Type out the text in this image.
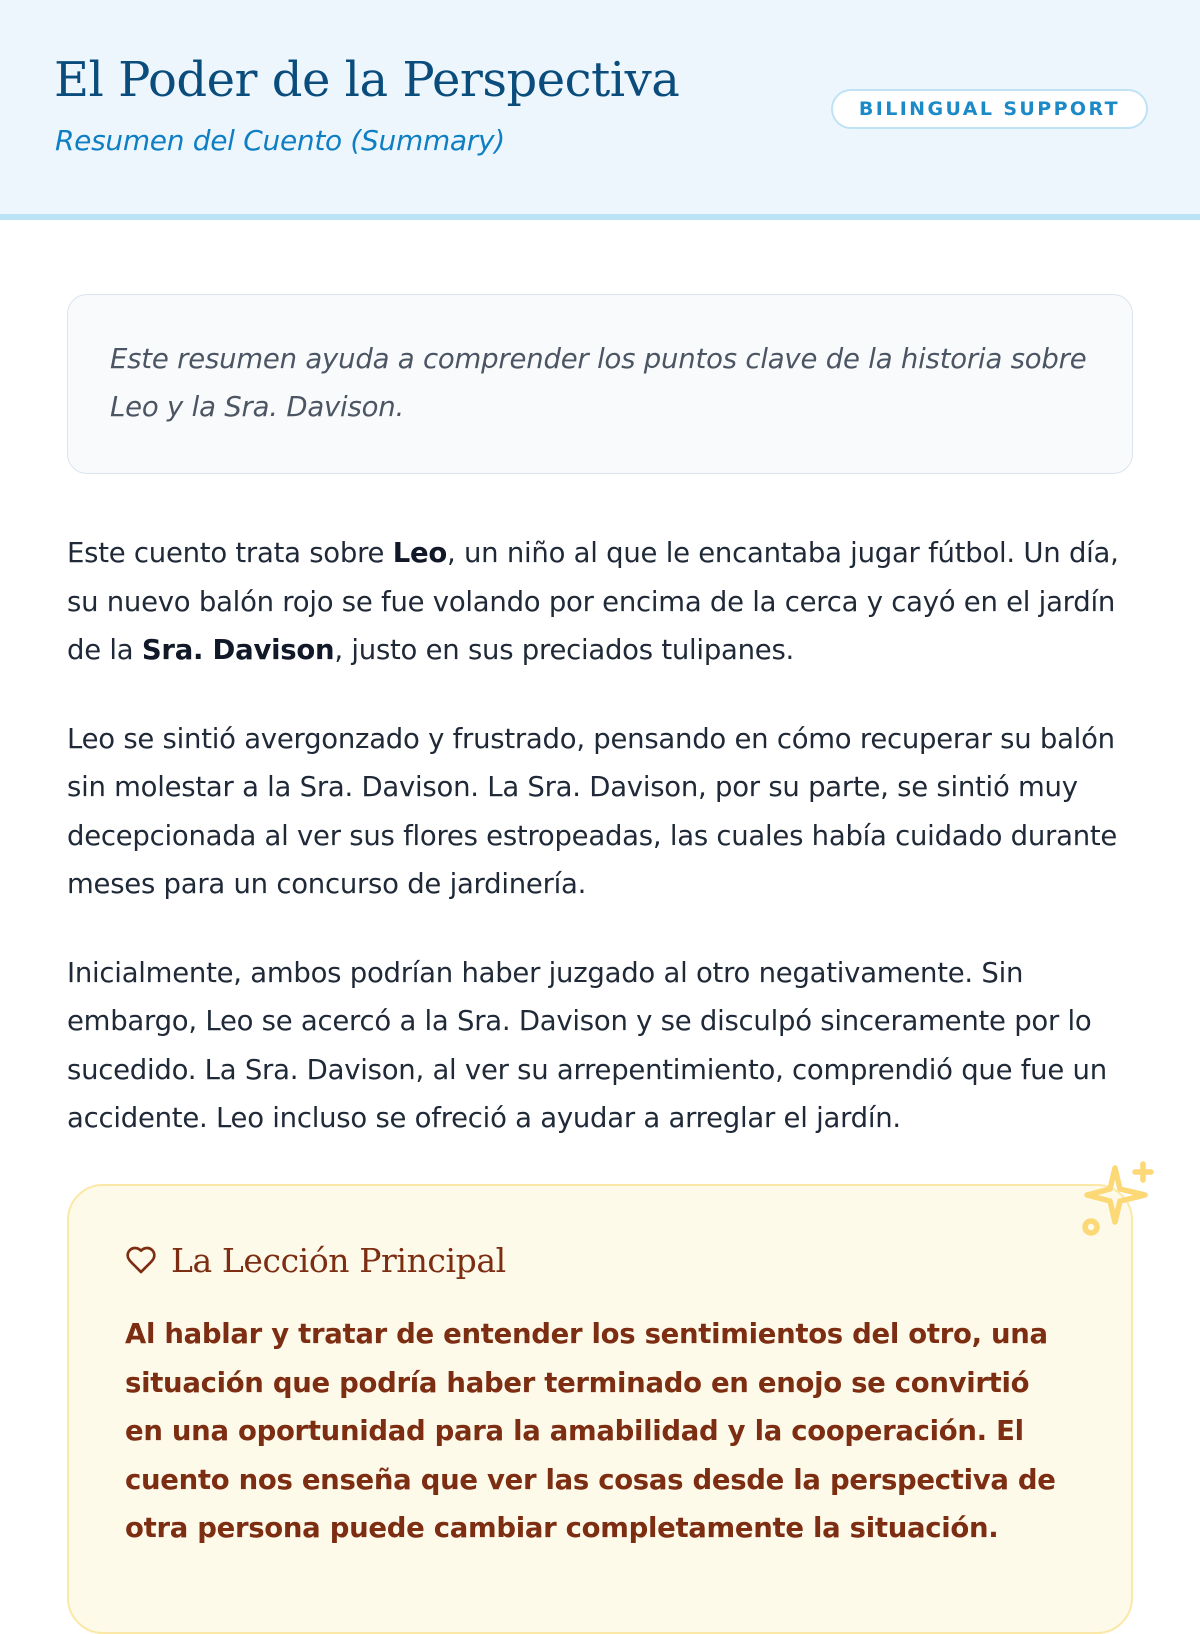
El Poder de la Perspectiva

Resumen del Cuento (Summary)

BILINGUAL SUPPORT

Este resumen ayuda a comprender los puntos clave de la historia sobre Leo y la Sra. Davison.

Este cuento trata sobre Leo, un niño al que le encantaba jugar fútbol. Un día, su nuevo balón rojo se fue volando por encima de la cerca y cayó en el jardín de la Sra. Davison, justo en sus preciados tulipanes.

Leo se sintió avergonzado y frustrado, pensando en cómo recuperar su balón sin molestar a la Sra. Davison. La Sra. Davison, por su parte, se sintió muy decepcionada al ver sus flores estropeadas, las cuales había cuidado durante meses para un concurso de jardinería.

Inicialmente, ambos podrían haber juzgado al otro negativamente. Sin embargo, Leo se acercó a la Sra. Davison y se disculpó sinceramente por lo sucedido. La Sra. Davison, al ver su arrepentimiento, comprendió que fue un accidente. Leo incluso se ofreció a ayudar a arreglar el jardín.

La Lección Principal

Al hablar y tratar de entender los sentimientos del otro, una situación que podría haber terminado en enojo se convirtió en una oportunidad para la amabilidad y la cooperación. El cuento nos enseña que ver las cosas desde la perspectiva de otra persona puede cambiar completamente la situación.
